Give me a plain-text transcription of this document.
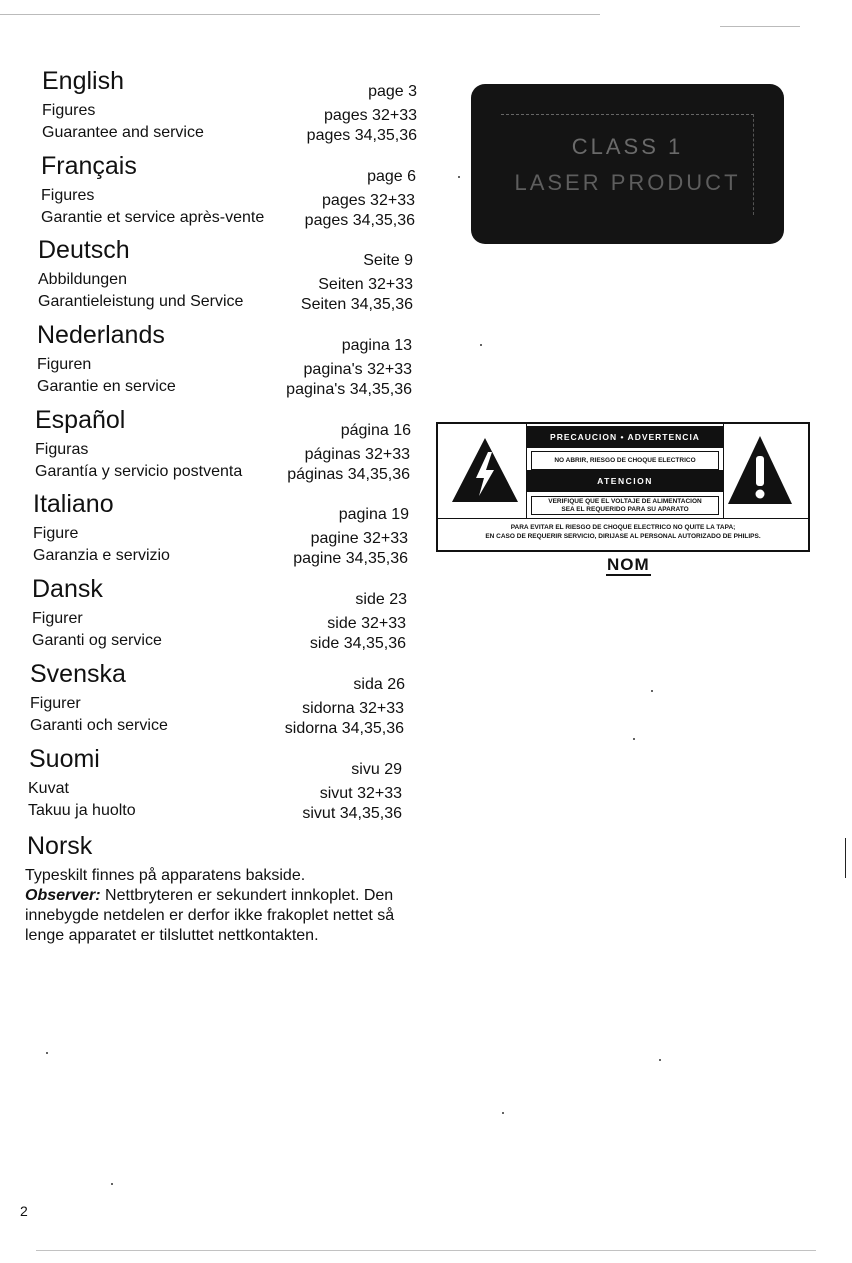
English	page 3
Figures	pages 32+33
Guarantee and service	pages 34,35,36
Français	page 6
Figures	pages 32+33
Garantie et service après-vente	pages 34,35,36
Deutsch	Seite 9
Abbildungen	Seiten 32+33
Garantieleistung und Service	Seiten 34,35,36
Nederlands	pagina 13
Figuren	pagina's 32+33
Garantie en service	pagina's 34,35,36
Español	página 16
Figuras	páginas 32+33
Garantía y servicio postventa	páginas 34,35,36
Italiano	pagina 19
Figure	pagine 32+33
Garanzia e servizio	pagine 34,35,36
Dansk	side 23
Figurer	side 32+33
Garanti og service	side 34,35,36
Svenska	sida 26
Figurer	sidorna 32+33
Garanti och service	sidorna 34,35,36
Suomi	sivu 29
Kuvat	sivut 32+33
Takuu ja huolto	sivut 34,35,36
Norsk
Typeskilt finnes på apparatens bakside.
Observer: Nettbryteren er sekundert innkoplet. Den innebygde netdelen er derfor ikke frakoplet nettet så lenge apparatet er tilsluttet nettkontakten.
CLASS 1
LASER PRODUCT
PRECAUCION • ADVERTENCIA
NO ABRIR, RIESGO DE CHOQUE ELECTRICO
ATENCION
VERIFIQUE QUE EL VOLTAJE DE ALIMENTACION
SEA EL REQUERIDO PARA SU APARATO
PARA EVITAR EL RIESGO DE CHOQUE ELECTRICO NO QUITE LA TAPA;
EN CASO DE REQUERIR SERVICIO, DIRIJASE AL PERSONAL AUTORIZADO DE PHILIPS.
NOM
2
